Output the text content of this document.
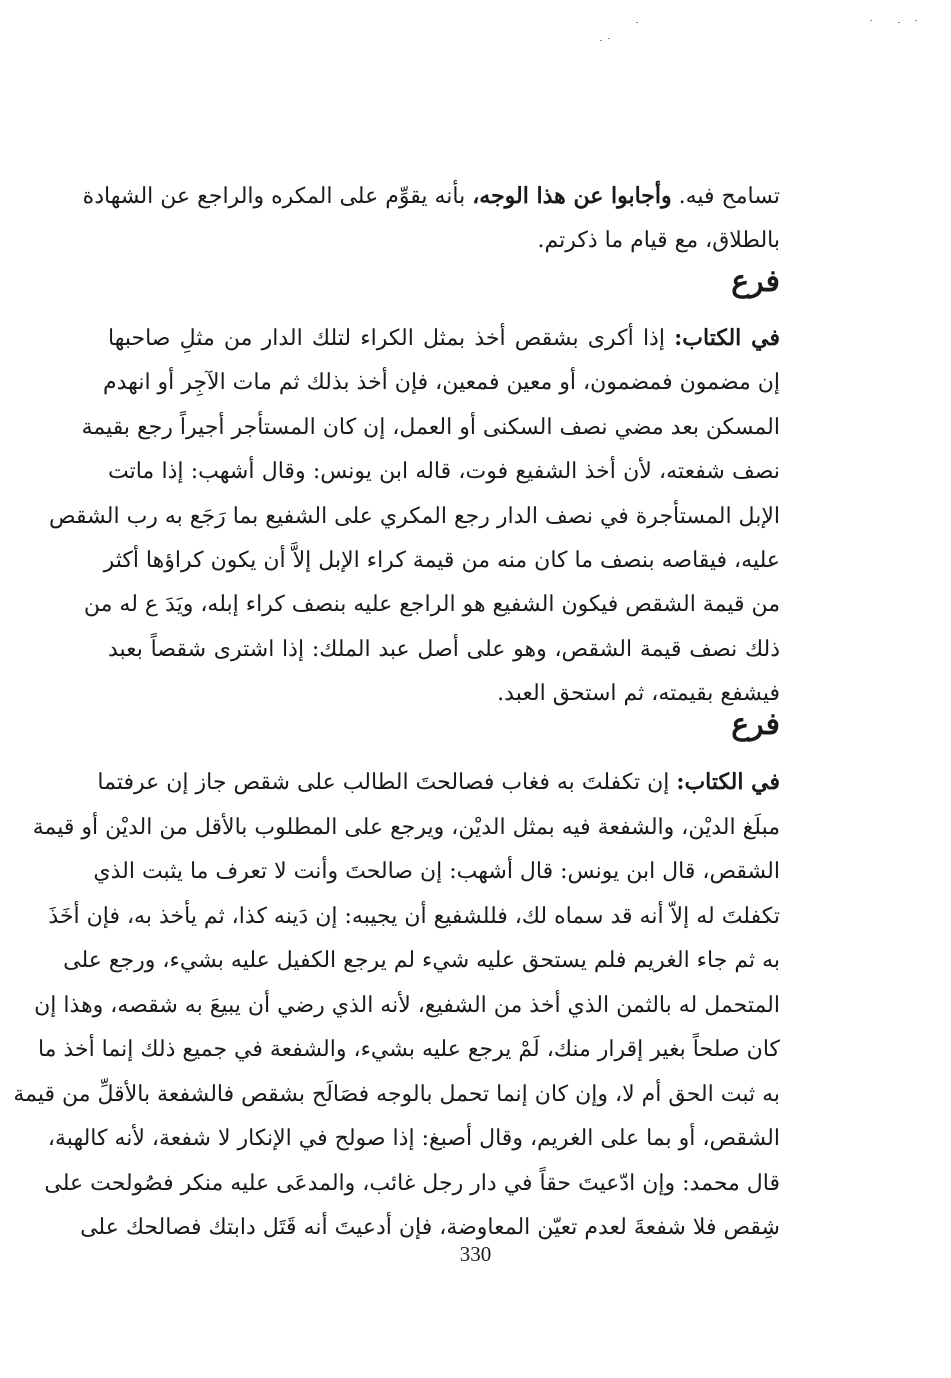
تسامح فيه. وأجابوا عن هذا الوجه، بأنه يقوِّم على المكره والراجع عن الشهادة
بالطلاق، مع قيام ما ذكرتم.
فرع
في الكتاب: إذا أكرى بشقص أخذ بمثل الكراء لتلك الدار من مثلِ صاحبها
إن مضمون فمضمون، أو معين فمعين، فإن أخذ بذلك ثم مات الآجِر أو انهدم
المسكن بعد مضي نصف السكنى أو العمل، إن كان المستأجر أجيراً رجع بقيمة
نصف شفعته، لأن أخذ الشفيع فوت، قاله ابن يونس: وقال أشهب: إذا ماتت
الإبل المستأجرة في نصف الدار رجع المكري على الشفيع بما رَجَع به رب الشقص
عليه، فيقاصه بنصف ما كان منه من قيمة كراء الإبل إلاَّ أن يكون كراؤها أكثر
من قيمة الشقص فيكون الشفيع هو الراجع عليه بنصف كراء إبله، ويَدَ ع له من
ذلك نصف قيمة الشقص، وهو على أصل عبد الملك: إذا اشترى شقصاً بعبد
فيشفع بقيمته، ثم استحق العبد.
فرع
في الكتاب: إن تكفلتَ به فغاب فصالحتَ الطالب على شقص جاز إن عرفتما
مبلَغ الديْن، والشفعة فيه بمثل الديْن، ويرجع على المطلوب بالأقل من الديْن أو قيمة
الشقص، قال ابن يونس: قال أشهب: إن صالحتَ وأنت لا تعرف ما يثبت الذي
تكفلتَ له إلاّ أنه قد سماه لك، فللشفيع أن يجيبه: إن دَينه كذا، ثم يأخذ به، فإن أخَذَ
به ثم جاء الغريم فلم يستحق عليه شيء لم يرجع الكفيل عليه بشيء، ورجع على
المتحمل له بالثمن الذي أخذ من الشفيع، لأنه الذي رضي أن يبيعَ به شقصه، وهذا إن
كان صلحاً بغير إقرار منك، لَمْ يرجع عليه بشيء، والشفعة في جميع ذلك إنما أخذ ما
به ثبت الحق أم لا، وإن كان إنما تحمل بالوجه فصَالَح بشقص فالشفعة بالأقلِّ من قيمة
الشقص، أو بما على الغريم، وقال أصبغ: إذا صولح في الإنكار لا شفعة، لأنه كالهبة،
قال محمد: وإن ادّعيتَ حقاً في دار رجل غائب، والمدعَى عليه منكر فصُولحت على
شِقص فلا شفعةَ لعدم تعيّن المعاوضة، فإن أدعيتَ أنه قَتَل دابتك فصالحك على
330
